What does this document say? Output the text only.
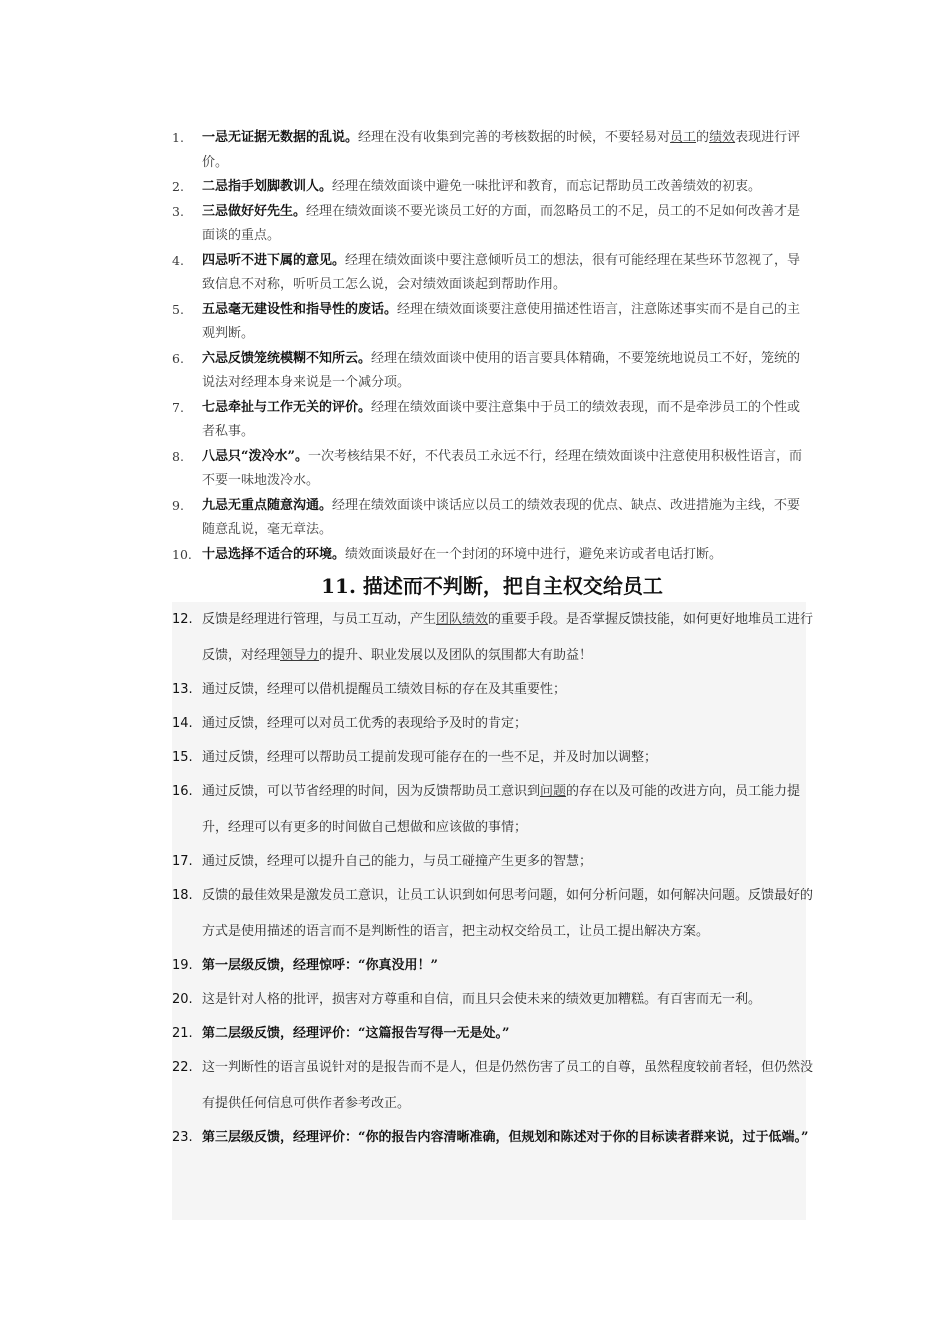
1. 一忌无证据无数据的乱说。经理在没有收集到完善的考核数据的时候，不要轻易对员工的绩效表现进行评价。
2. 二忌指手划脚教训人。经理在绩效面谈中避免一味批评和教育，而忘记帮助员工改善绩效的初衷。
3. 三忌做好好先生。经理在绩效面谈不要光谈员工好的方面，而忽略员工的不足，员工的不足如何改善才是面谈的重点。
4. 四忌听不进下属的意见。经理在绩效面谈中要注意倾听员工的想法，很有可能经理在某些环节忽视了，导致信息不对称，听听员工怎么说，会对绩效面谈起到帮助作用。
5. 五忌毫无建设性和指导性的废话。经理在绩效面谈要注意使用描述性语言，注意陈述事实而不是自己的主观判断。
6. 六忌反馈笼统模糊不知所云。经理在绩效面谈中使用的语言要具体精确，不要笼统地说员工不好，笼统的说法对经理本身来说是一个减分项。
7. 七忌牵扯与工作无关的评价。经理在绩效面谈中要注意集中于员工的绩效表现，而不是牵涉员工的个性或者私事。
8. 八忌只“泼冷水”。一次考核结果不好，不代表员工永远不行，经理在绩效面谈中注意使用积极性语言，而不要一味地泼冷水。
9. 九忌无重点随意沟通。经理在绩效面谈中谈话应以员工的绩效表现的优点、缺点、改进措施为主线，不要随意乱说，毫无章法。
10. 十忌选择不适合的环境。绩效面谈最好在一个封闭的环境中进行，避免来访或者电话打断。
11. 描述而不判断，把自主权交给员工
12. 反馈是经理进行管理，与员工互动，产生团队绩效的重要手段。是否掌握反馈技能，如何更好地堆员工进行反馈，对经理领导力的提升、职业发展以及团队的氛围都大有助益！
13. 通过反馈，经理可以借机提醒员工绩效目标的存在及其重要性；
14. 通过反馈，经理可以对员工优秀的表现给予及时的肯定；
15. 通过反馈，经理可以帮助员工提前发现可能存在的一些不足，并及时加以调整；
16. 通过反馈，可以节省经理的时间，因为反馈帮助员工意识到问题的存在以及可能的改进方向，员工能力提升，经理可以有更多的时间做自己想做和应该做的事情；
17. 通过反馈，经理可以提升自己的能力，与员工碰撞产生更多的智慧；
18. 反馈的最佳效果是激发员工意识，让员工认识到如何思考问题，如何分析问题，如何解决问题。反馈最好的方式是使用描述的语言而不是判断性的语言，把主动权交给员工，让员工提出解决方案。
19. 第一层级反馈，经理惊呼：“你真没用！”
20. 这是针对人格的批评，损害对方尊重和自信，而且只会使未来的绩效更加糟糕。有百害而无一利。
21. 第二层级反馈，经理评价：“这篇报告写得一无是处。”
22. 这一判断性的语言虽说针对的是报告而不是人，但是仍然伤害了员工的自尊，虽然程度较前者轻，但仍然没有提供任何信息可供作者参考改正。
23. 第三层级反馈，经理评价：“你的报告内容清晰准确，但规划和陈述对于你的目标读者群来说，过于低端。”
